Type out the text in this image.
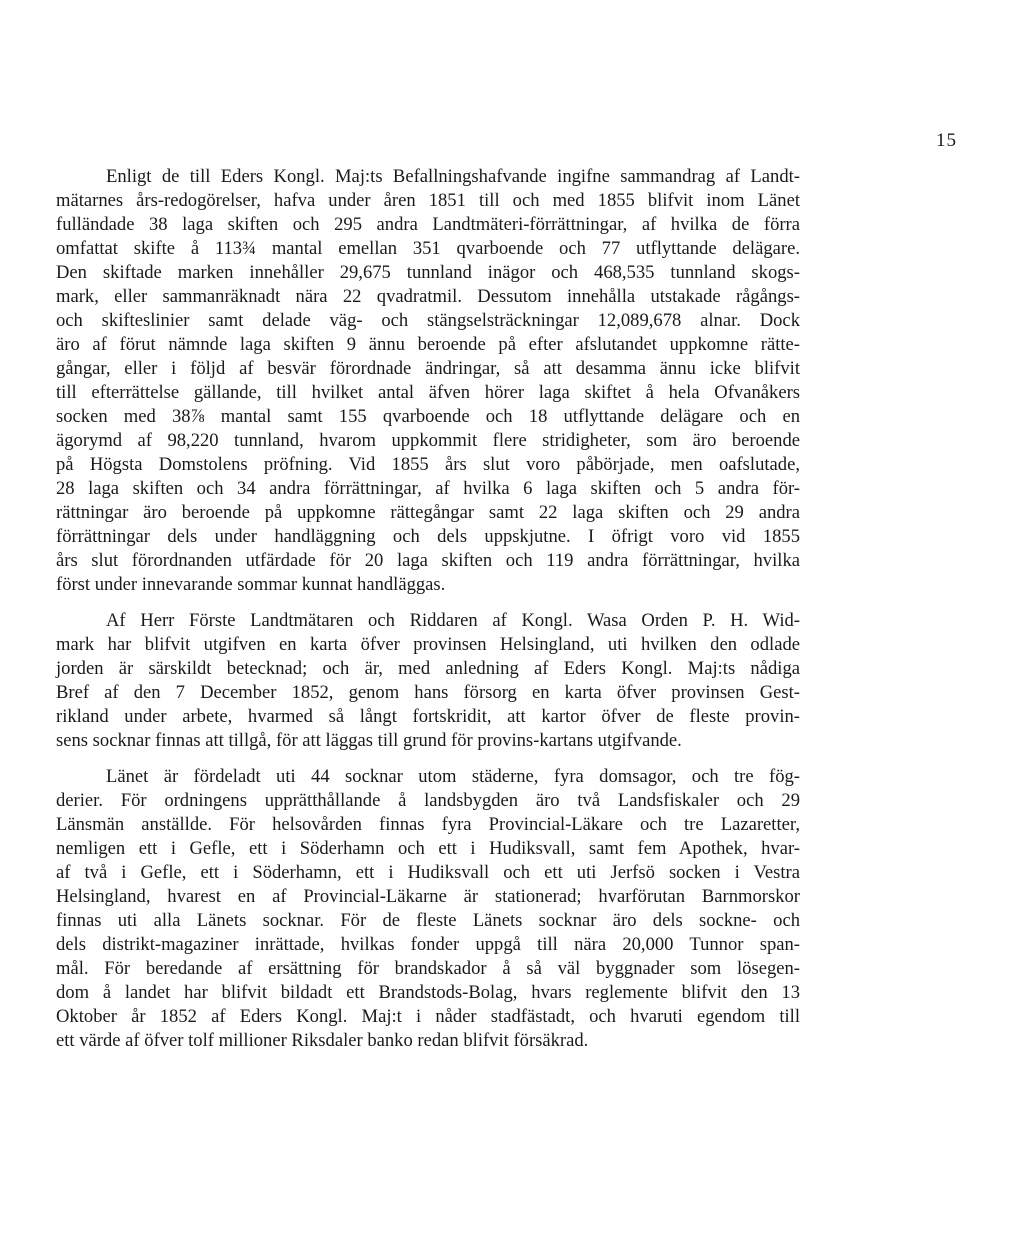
15

Enligt de till Eders Kongl. Maj:ts Befallningshafvande ingifne sammandrag af Landt-
mätarnes års-redogörelser, hafva under åren 1851 till och med 1855 blifvit inom Länet
fulländade 38 laga skiften och 295 andra Landtmäteri-förrättningar, af hvilka de förra
omfattat skifte å 113¾ mantal emellan 351 qvarboende och 77 utflyttande delägare.
Den skiftade marken innehåller 29,675 tunnland inägor och 468,535 tunnland skogs-
mark, eller sammanräknadt nära 22 qvadratmil. Dessutom innehålla utstakade rågångs-
och skifteslinier samt delade väg- och stängselsträckningar 12,089,678 alnar. Dock
äro af förut nämnde laga skiften 9 ännu beroende på efter afslutandet uppkomne rätte-
gångar, eller i följd af besvär förordnade ändringar, så att desamma ännu icke blifvit
till efterrättelse gällande, till hvilket antal äfven hörer laga skiftet å hela Ofvanåkers
socken med 38⅞ mantal samt 155 qvarboende och 18 utflyttande delägare och en
ägorymd af 98,220 tunnland, hvarom uppkommit flere stridigheter, som äro beroende
på Högsta Domstolens pröfning. Vid 1855 års slut voro påbörjade, men oafslutade,
28 laga skiften och 34 andra förrättningar, af hvilka 6 laga skiften och 5 andra för-
rättningar äro beroende på uppkomne rättegångar samt 22 laga skiften och 29 andra
förrättningar dels under handläggning och dels uppskjutne. I öfrigt voro vid 1855
års slut förordnanden utfärdade för 20 laga skiften och 119 andra förrättningar, hvilka
först under innevarande sommar kunnat handläggas.

Af Herr Förste Landtmätaren och Riddaren af Kongl. Wasa Orden P. H. Wid-
mark har blifvit utgifven en karta öfver provinsen Helsingland, uti hvilken den odlade
jorden är särskildt betecknad; och är, med anledning af Eders Kongl. Maj:ts nådiga
Bref af den 7 December 1852, genom hans försorg en karta öfver provinsen Gest-
rikland under arbete, hvarmed så långt fortskridit, att kartor öfver de fleste provin-
sens socknar finnas att tillgå, för att läggas till grund för provins-kartans utgifvande.

Länet är fördeladt uti 44 socknar utom städerne, fyra domsagor, och tre fög-
derier. För ordningens upprätthållande å landsbygden äro två Landsfiskaler och 29
Länsmän anställde. För helsovården finnas fyra Provincial-Läkare och tre Lazaretter,
nemligen ett i Gefle, ett i Söderhamn och ett i Hudiksvall, samt fem Apothek, hvar-
af två i Gefle, ett i Söderhamn, ett i Hudiksvall och ett uti Jerfsö socken i Vestra
Helsingland, hvarest en af Provincial-Läkarne är stationerad; hvarförutan Barnmorskor
finnas uti alla Länets socknar. För de fleste Länets socknar äro dels sockne- och
dels distrikt-magaziner inrättade, hvilkas fonder uppgå till nära 20,000 Tunnor span-
mål. För beredande af ersättning för brandskador å så väl byggnader som lösegen-
dom å landet har blifvit bildadt ett Brandstods-Bolag, hvars reglemente blifvit den 13
Oktober år 1852 af Eders Kongl. Maj:t i nåder stadfästadt, och hvaruti egendom till
ett värde af öfver tolf millioner Riksdaler banko redan blifvit försäkrad.
